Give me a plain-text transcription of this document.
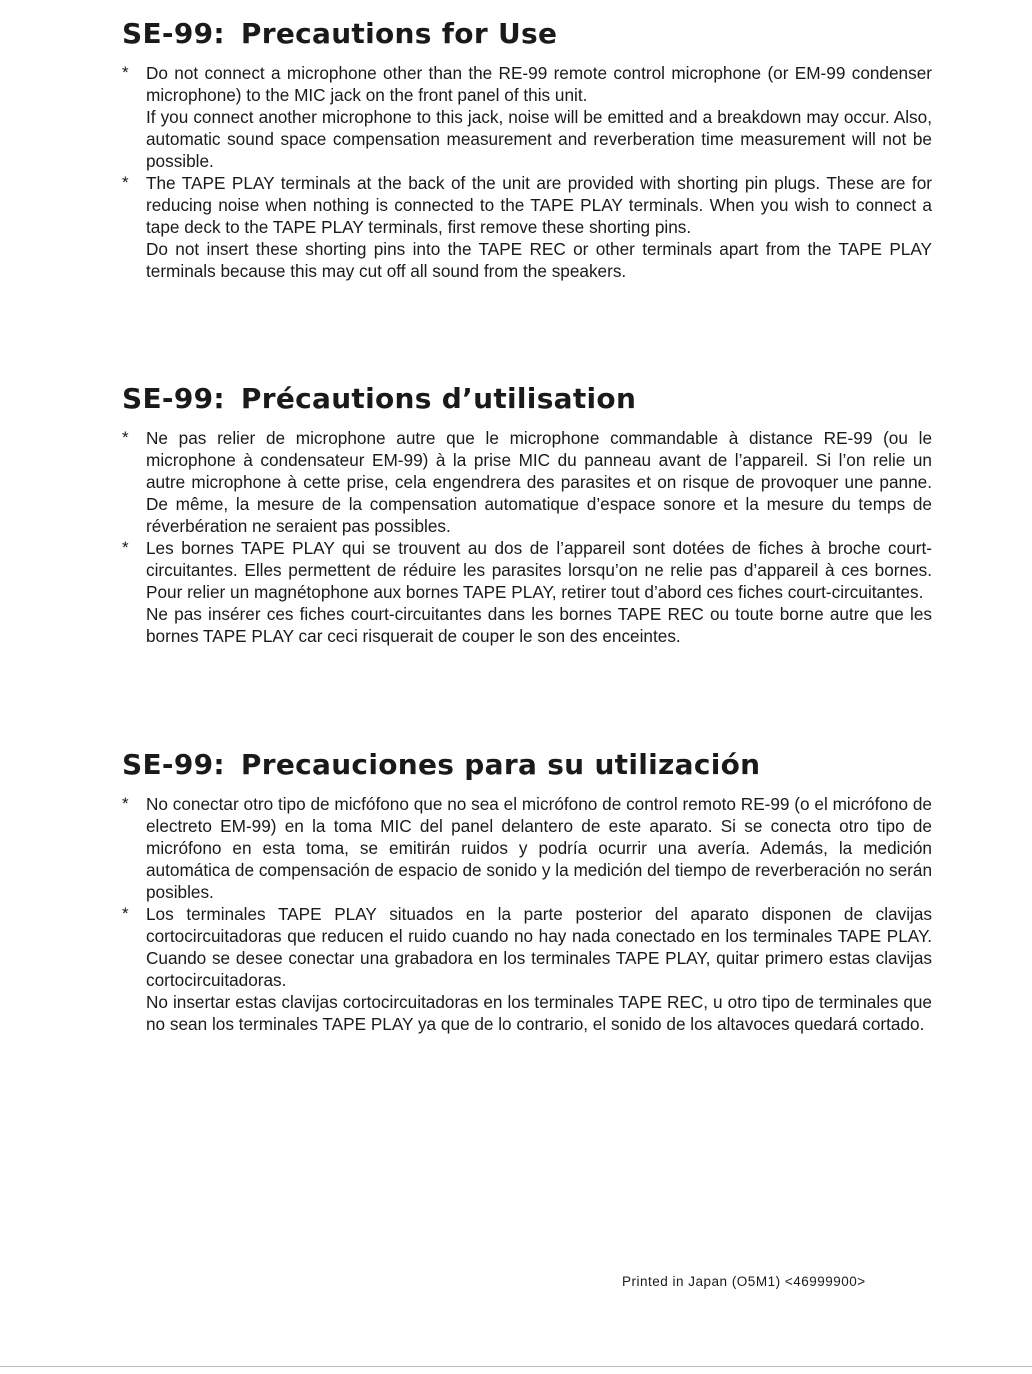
SE-99: Precautions for Use
* Do not connect a microphone other than the RE-99 remote control microphone (or EM-99 condenser microphone) to the MIC jack on the front panel of this unit.

If you connect another microphone to this jack, noise will be emitted and a breakdown may occur. Also, automatic sound space compensation measurement and reverberation time measurement will not be possible.

* The TAPE PLAY terminals at the back of the unit are provided with shorting pin plugs. These are for reducing noise when nothing is connected to the TAPE PLAY terminals. When you wish to connect a tape deck to the TAPE PLAY terminals, first remove these shorting pins.

Do not insert these shorting pins into the TAPE REC or other terminals apart from the TAPE PLAY terminals because this may cut off all sound from the speakers.

SE-99: Précautions d’utilisation
* Ne pas relier de microphone autre que le microphone commandable à distance RE-99 (ou le microphone à condensateur EM-99) à la prise MIC du panneau avant de l’appareil. Si l’on relie un autre microphone à cette prise, cela engendrera des parasites et on risque de provoquer une panne. De même, la mesure de la compensation automatique d’espace sonore et la mesure du temps de réverbération ne seraient pas possibles.

* Les bornes TAPE PLAY qui se trouvent au dos de l’appareil sont dotées de fiches à broche court-circuitantes. Elles permettent de réduire les parasites lorsqu’on ne relie pas d’appareil à ces bornes. Pour relier un magnétophone aux bornes TAPE PLAY, retirer tout d’abord ces fiches court-circuitantes.

Ne pas insérer ces fiches court-circuitantes dans les bornes TAPE REC ou toute borne autre que les bornes TAPE PLAY car ceci risquerait de couper le son des enceintes.

SE-99: Precauciones para su utilización
* No conectar otro tipo de micfófono que no sea el micrófono de control remoto RE-99 (o el micrófono de electreto EM-99) en la toma MIC del panel delantero de este aparato. Si se conecta otro tipo de micrófono en esta toma, se emitirán ruidos y podría ocurrir una avería. Además, la medición automática de compensación de espacio de sonido y la medición del tiempo de reverberación no serán posibles.

* Los terminales TAPE PLAY situados en la parte posterior del aparato disponen de clavijas cortocircuitadoras que reducen el ruido cuando no hay nada conectado en los terminales TAPE PLAY. Cuando se desee conectar una grabadora en los terminales TAPE PLAY, quitar primero estas clavijas cortocircuitadoras.

No insertar estas clavijas cortocircuitadoras en los terminales TAPE REC, u otro tipo de terminales que no sean los terminales TAPE PLAY ya que de lo contrario, el sonido de los altavoces quedará cortado.

Printed in Japan (O5M1) <46999900>
